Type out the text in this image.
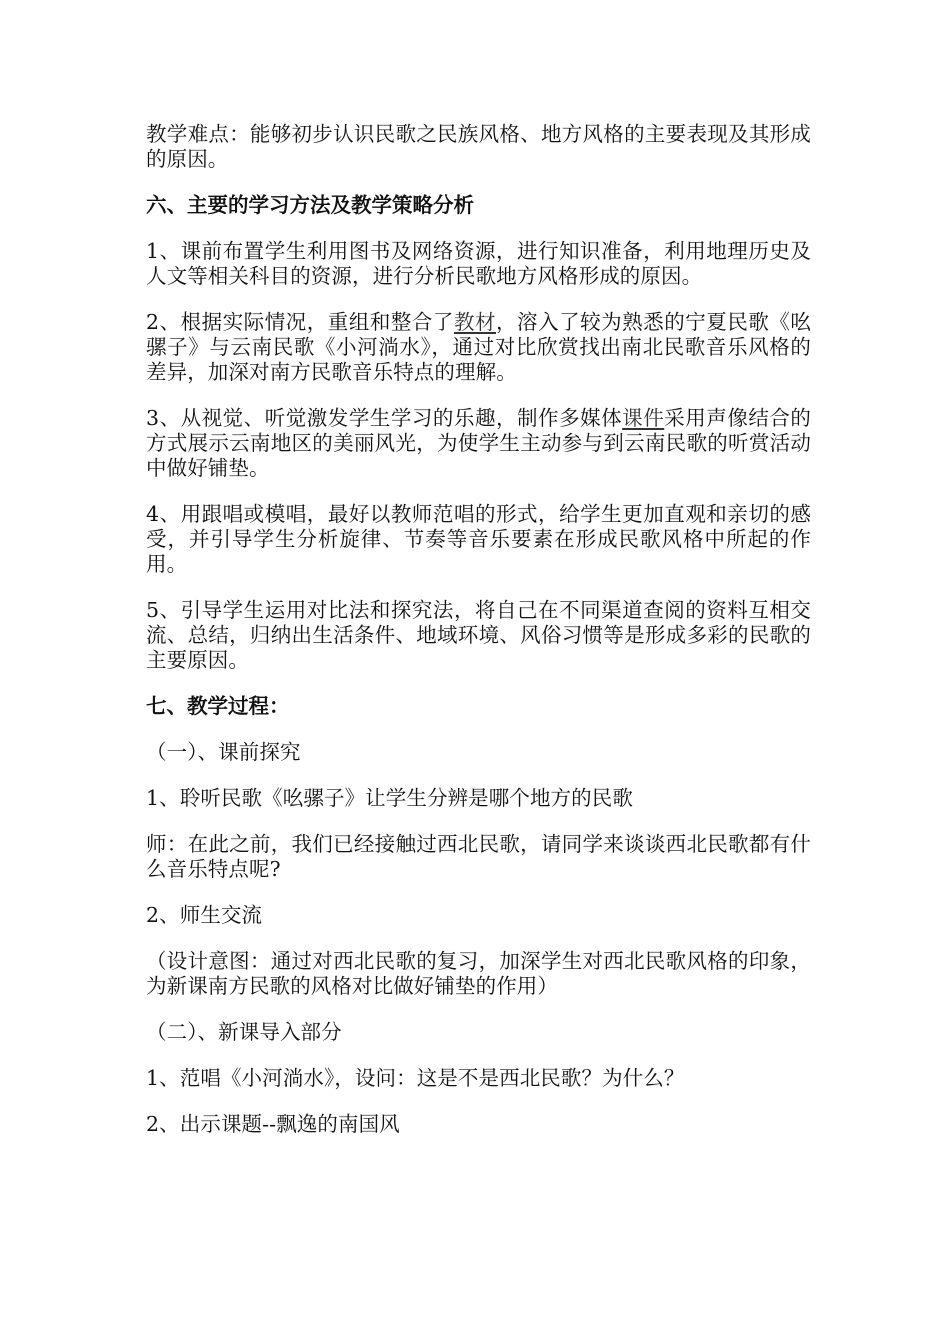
教学难点：能够初步认识民歌之民族风格、地方风格的主要表现及其形成的原因。

六、主要的学习方法及教学策略分析

1、课前布置学生利用图书及网络资源，进行知识准备，利用地理历史及人文等相关科目的资源，进行分析民歌地方风格形成的原因。

2、根据实际情况，重组和整合了教材，溶入了较为熟悉的宁夏民歌《吆骡子》与云南民歌《小河淌水》，通过对比欣赏找出南北民歌音乐风格的差异，加深对南方民歌音乐特点的理解。

3、从视觉、听觉激发学生学习的乐趣，制作多媒体课件采用声像结合的方式展示云南地区的美丽风光，为使学生主动参与到云南民歌的听赏活动中做好铺垫。

4、用跟唱或模唱，最好以教师范唱的形式，给学生更加直观和亲切的感受，并引导学生分析旋律、节奏等音乐要素在形成民歌风格中所起的作用。

5、引导学生运用对比法和探究法，将自己在不同渠道查阅的资料互相交流、总结，归纳出生活条件、地域环境、风俗习惯等是形成多彩的民歌的主要原因。

七、教学过程：

（一）、课前探究

1、聆听民歌《吆骡子》让学生分辨是哪个地方的民歌

师：在此之前，我们已经接触过西北民歌，请同学来谈谈西北民歌都有什么音乐特点呢?

2、师生交流

（设计意图：通过对西北民歌的复习，加深学生对西北民歌风格的印象，为新课南方民歌的风格对比做好铺垫的作用）

（二）、新课导入部分

1、范唱《小河淌水》，设问：这是不是西北民歌？为什么？

2、出示课题--飘逸的南国风
